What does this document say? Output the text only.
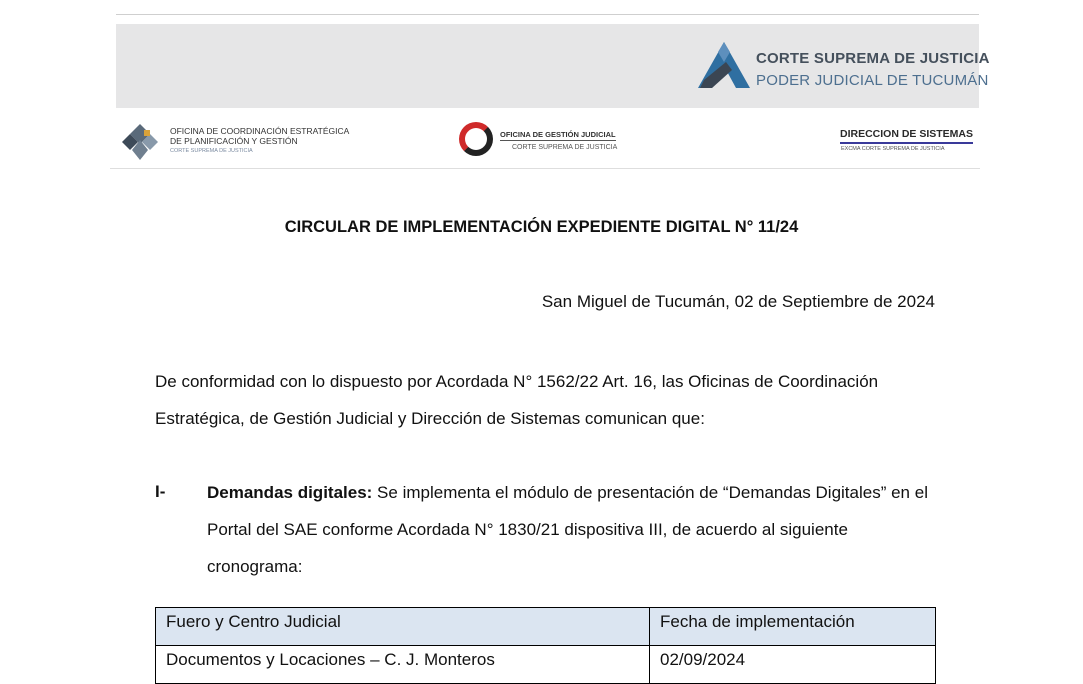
CORTE SUPREMA DE JUSTICIA
PODER JUDICIAL DE TUCUMÁN
OFICINA DE COORDINACIÓN ESTRATÉGICA
DE PLANIFICACIÓN Y GESTIÓN
CORTE SUPREMA DE JUSTICIA
OFICINA DE GESTIÓN JUDICIAL
CORTE SUPREMA DE JUSTICIA
DIRECCION DE SISTEMAS
EXCMA CORTE SUPREMA DE JUSTICIA
CIRCULAR DE IMPLEMENTACIÓN EXPEDIENTE DIGITAL N° 11/24
San Miguel de Tucumán, 02 de Septiembre de 2024
De conformidad con lo dispuesto por Acordada N° 1562/22 Art. 16, las Oficinas de Coordinación Estratégica, de Gestión Judicial y Dirección de Sistemas comunican que:
I- Demandas digitales: Se implementa el módulo de presentación de “Demandas Digitales” en el Portal del SAE conforme Acordada N° 1830/21 dispositiva III, de acuerdo al siguiente cronograma:
Fuero y Centro Judicial	Fecha de implementación
Documentos y Locaciones – C. J. Monteros	02/09/2024
